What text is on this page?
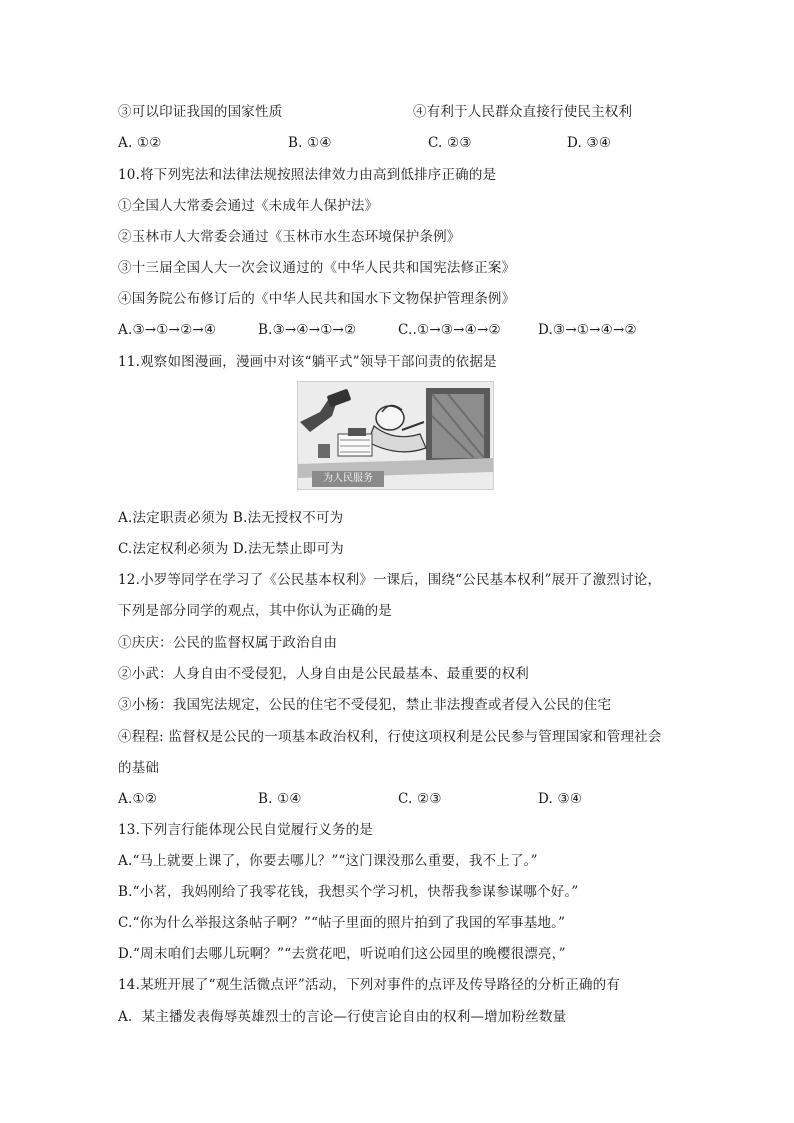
③可以印证我国的国家性质	④有利于人民群众直接行使民主权利
A. ①②	B. ①④	C. ②③	D. ③④
10.将下列宪法和法律法规按照法律效力由高到低排序正确的是
①全国人大常委会通过《未成年人保护法》
②玉林市人大常委会通过《玉林市水生态环境保护条例》
③十三届全国人大一次会议通过的《中华人民共和国宪法修正案》
④国务院公布修订后的《中华人民共和国水下文物保护管理条例》
A.③→①→②→④	B.③→④→①→②	C..①→③→④→②	D.③→①→④→②
11.观察如图漫画，漫画中对该“躺平式”领导干部问责的依据是
为人民服务
A.法定职责必须为 B.法无授权不可为
C.法定权利必须为 D.法无禁止即可为
12.小罗等同学在学习了《公民基本权利》一课后，围绕“公民基本权利”展开了激烈讨论，
下列是部分同学的观点，其中你认为正确的是
①庆庆：公民的监督权属于政治自由
②小武：人身自由不受侵犯，人身自由是公民最基本、最重要的权利
③小杨：我国宪法规定，公民的住宅不受侵犯，禁止非法搜查或者侵入公民的住宅
④程程: 监督权是公民的一项基本政治权利，行使这项权利是公民参与管理国家和管理社会
的基础
A.①②	B. ①④	C. ②③	D. ③④
13.下列言行能体现公民自觉履行义务的是
A.“马上就要上课了，你要去哪儿？”“这门课没那么重要，我不上了。”
B.“小茗，我妈刚给了我零花钱，我想买个学习机，快帮我参谋参谋哪个好。”
C.“你为什么举报这条帖子啊？”“帖子里面的照片拍到了我国的军事基地。”
D.“周末咱们去哪儿玩啊？”“去赏花吧，听说咱们这公园里的晚樱很漂亮，”
14.某班开展了“观生活微点评”活动，下列对事件的点评及传导路径的分析正确的有
A．某主播发表侮辱英雄烈士的言论—行使言论自由的权利—增加粉丝数量
